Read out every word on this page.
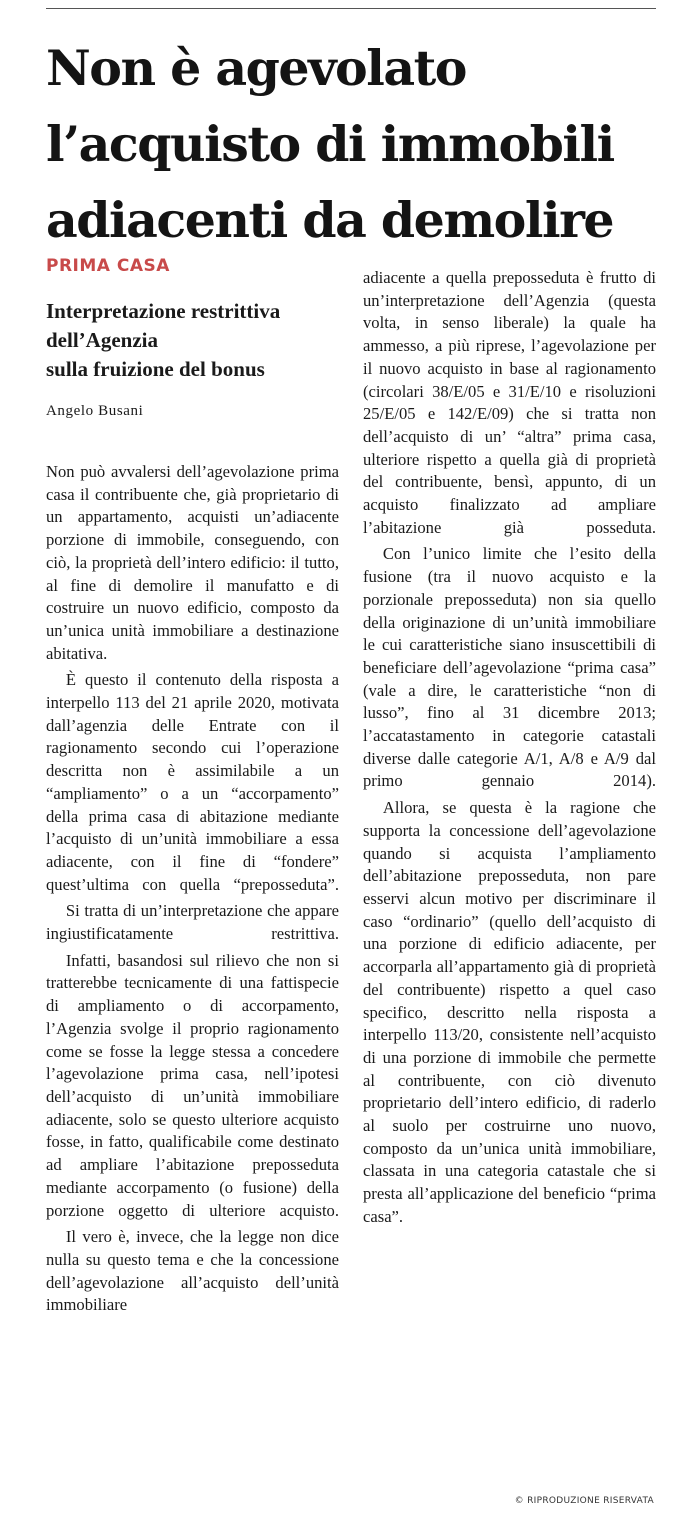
Non è agevolato
l’acquisto di immobili
adiacenti da demolire
PRIMA CASA
Interpretazione restrittiva
dell’Agenzia
sulla fruizione del bonus
Angelo Busani

Non può avvalersi dell’agevolazione prima casa il contribuente che, già proprietario di un appartamento, acquisti un’adiacente porzione di immobile, conseguendo, con ciò, la proprietà dell’intero edificio: il tutto, al fine di demolire il manufatto e di costruire un nuovo edificio, composto da un’unica unità immobiliare a destinazione abitativa.

È questo il contenuto della risposta a interpello 113 del 21 aprile 2020, motivata dall’agenzia delle Entrate con il ragionamento secondo cui l’operazione descritta non è assimilabile a un “ampliamento” o a un “accorpamento” della prima casa di abitazione mediante l’acquisto di un’unità immobiliare a essa adiacente, con il fine di “fondere” quest’ultima con quella “preposseduta”.

Si tratta di un’interpretazione che appare ingiustificatamente restrittiva.

Infatti, basandosi sul rilievo che non si tratterebbe tecnicamente di una fattispecie di ampliamento o di accorpamento, l’Agenzia svolge il proprio ragionamento come se fosse la legge stessa a concedere l’agevolazione prima casa, nell’ipotesi dell’acquisto di un’unità immobiliare adiacente, solo se questo ulteriore acquisto fosse, in fatto, qualificabile come destinato ad ampliare l’abitazione preposseduta mediante accorpamento (o fusione) della porzione oggetto di ulteriore acquisto.

Il vero è, invece, che la legge non dice nulla su questo tema e che la concessione dell’agevolazione all’acquisto dell’unità immobiliare

adiacente a quella preposseduta è frutto di un’interpretazione dell’Agenzia (questa volta, in senso liberale) la quale ha ammesso, a più riprese, l’agevolazione per il nuovo acquisto in base al ragionamento (circolari 38/E/05 e 31/E/10 e risoluzioni 25/E/05 e 142/E/09) che si tratta non dell’acquisto di un’ “altra” prima casa, ulteriore rispetto a quella già di proprietà del contribuente, bensì, appunto, di un acquisto finalizzato ad ampliare l’abitazione già posseduta.

Con l’unico limite che l’esito della fusione (tra il nuovo acquisto e la porzionale preposseduta) non sia quello della originazione di un’unità immobiliare le cui caratteristiche siano insuscettibili di beneficiare dell’agevolazione “prima casa” (vale a dire, le caratteristiche “non di lusso”, fino al 31 dicembre 2013; l’accatastamento in categorie catastali diverse dalle categorie A/1, A/8 e A/9 dal primo gennaio 2014).

Allora, se questa è la ragione che supporta la concessione dell’agevolazione quando si acquista l’ampliamento dell’abitazione preposseduta, non pare esservi alcun motivo per discriminare il caso “ordinario” (quello dell’acquisto di una porzione di edificio adiacente, per accorparla all’appartamento già di proprietà del contribuente) rispetto a quel caso specifico, descritto nella risposta a interpello 113/20, consistente nell’acquisto di una porzione di immobile che permette al contribuente, con ciò divenuto proprietario dell’intero edificio, di raderlo al suolo per costruirne uno nuovo, composto da un’unica unità immobiliare, classata in una categoria catastale che si presta all’applicazione del beneficio “prima casa”.

© RIPRODUZIONE RISERVATA
